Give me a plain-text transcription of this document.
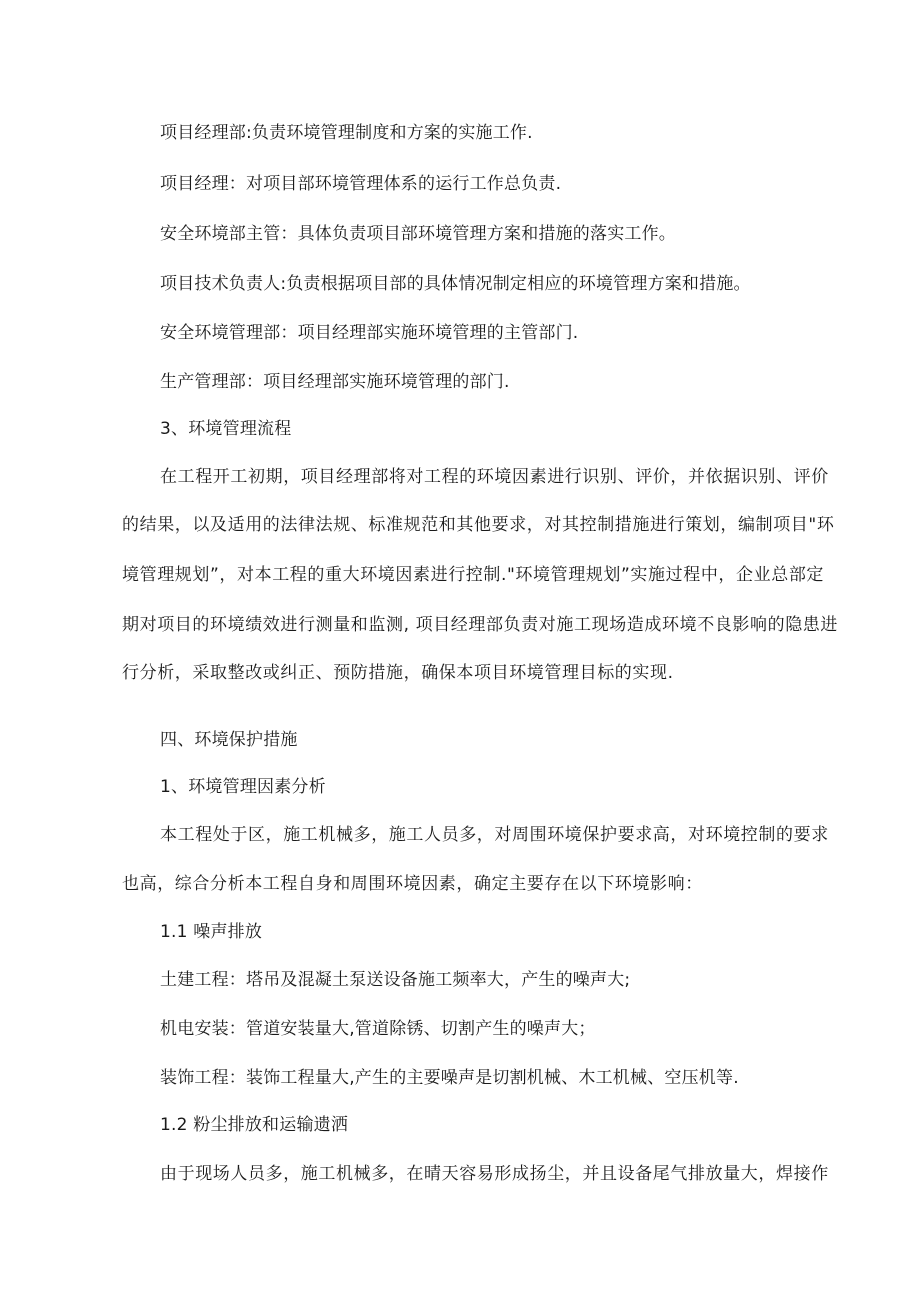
项目经理部:负责环境管理制度和方案的实施工作.
项目经理：对项目部环境管理体系的运行工作总负责.
安全环境部主管：具体负责项目部环境管理方案和措施的落实工作。
项目技术负责人:负责根据项目部的具体情况制定相应的环境管理方案和措施。
安全环境管理部：项目经理部实施环境管理的主管部门.
生产管理部：项目经理部实施环境管理的部门.
3、环境管理流程
在工程开工初期，项目经理部将对工程的环境因素进行识别、评价，并依据识别、评价
的结果，以及适用的法律法规、标准规范和其他要求，对其控制措施进行策划，编制项目"环
境管理规划”，对本工程的重大环境因素进行控制."环境管理规划”实施过程中，企业总部定
期对项目的环境绩效进行测量和监测, 项目经理部负责对施工现场造成环境不良影响的隐患进
行分析，采取整改或纠正、预防措施，确保本项目环境管理目标的实现.
四、环境保护措施
1、环境管理因素分析
本工程处于区，施工机械多，施工人员多，对周围环境保护要求高，对环境控制的要求
也高，综合分析本工程自身和周围环境因素，确定主要存在以下环境影响：
1.1 噪声排放
土建工程：塔吊及混凝土泵送设备施工频率大，产生的噪声大;
机电安装：管道安装量大,管道除锈、切割产生的噪声大；
装饰工程：装饰工程量大,产生的主要噪声是切割机械、木工机械、空压机等.
1.2 粉尘排放和运输遗洒
由于现场人员多，施工机械多，在晴天容易形成扬尘，并且设备尾气排放量大，焊接作
